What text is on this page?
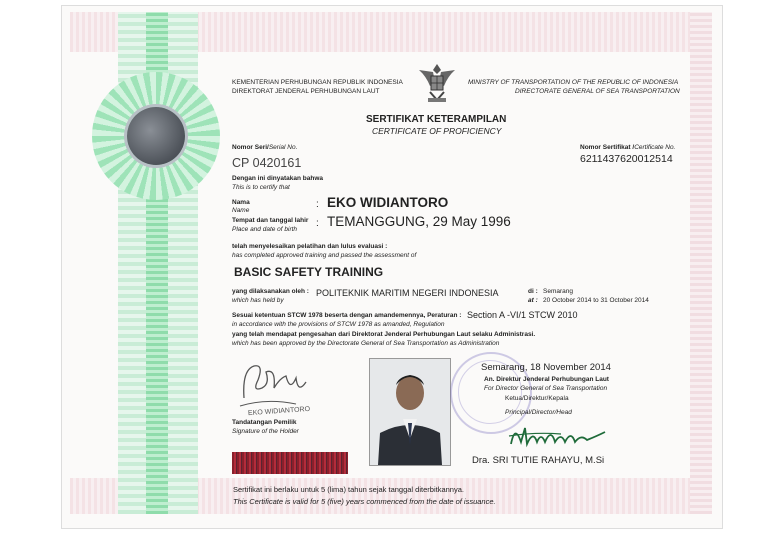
KEMENTERIAN PERHUBUNGAN REPUBLIK INDONESIA
DIREKTORAT JENDERAL PERHUBUNGAN LAUT
MINISTRY OF TRANSPORTATION OF THE REPUBLIC OF INDONESIA
DIRECTORATE GENERAL OF SEA TRANSPORTATION
SERTIFIKAT KETERAMPILAN
CERTIFICATE OF PROFICIENCY
Nomor Seri/Serial No.
CP 0420161
Nomor Sertifikat /Certificate No.
6211437620012514
Dengan ini dinyatakan bahwa
This is to certify that
Nama
Name
: EKO WIDIANTORO
Tempat dan tanggal lahir
Place and date of birth
: TEMANGGUNG, 29 May 1996
telah menyelesaikan pelatihan dan lulus evaluasi :
has completed approved training and passed the assessment of
BASIC SAFETY TRAINING
yang dilaksanakan oleh :
which has held by
POLITEKNIK MARITIM NEGERI INDONESIA	di : Semarang
at : 20 October 2014 to 31 October 2014
Sesuai ketentuan STCW 1978 beserta dengan amandemennya, Peraturan : Section A -VI/1 STCW 2010
in accordance with the provisions of STCW 1978 as amanded, Regulation
yang telah mendapat pengesahan dari Direktorat Jenderal Perhubungan Laut selaku Administrasi.
which has been approved by the Directorate General of Sea Transportation as Administration
EKO WIDIANTORO
Tandatangan Pemilik
Signature of the Holder
Semarang, 18 November 2014
An. Direktur Jenderal Perhubungan Laut
For Director General of Sea Transportation
Ketua/Direktur/Kepala
Principal/Director/Head
Dra. SRI TUTIE RAHAYU, M.Si
Sertifikat ini berlaku untuk 5 (lima) tahun sejak tanggal diterbitkannya.
This Certificate is valid for 5 (five) years commenced from the date of issuance.
